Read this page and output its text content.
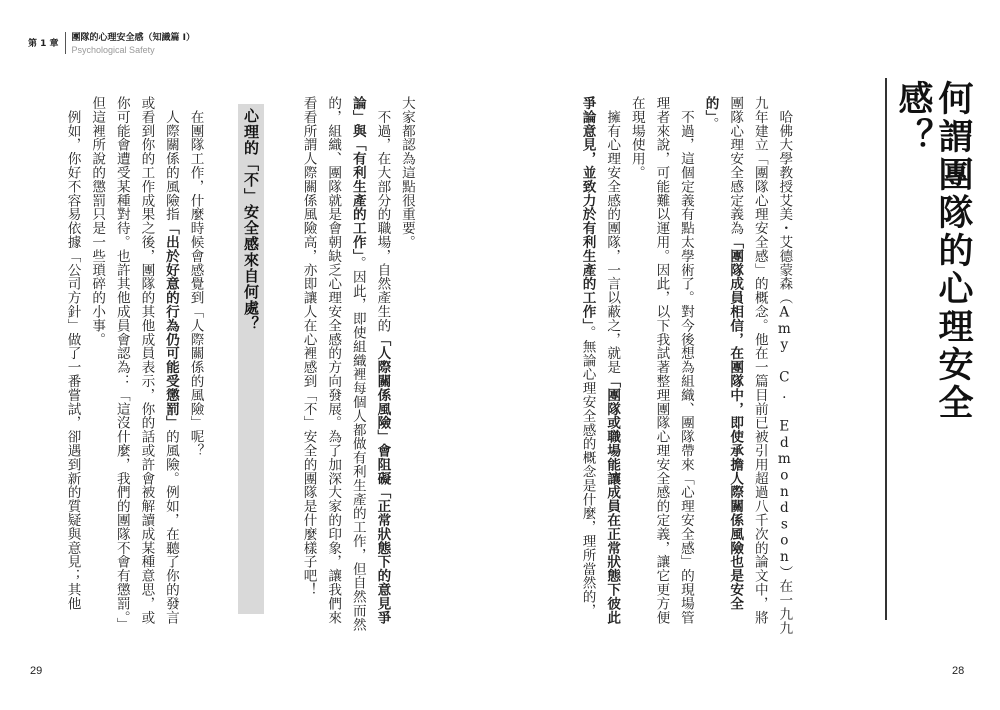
第 1 章
團隊的心理安全感（知識篇 I）
Psychological Safety
何謂團隊的心理安全感？

　哈佛大學教授艾美・艾德蒙森（Amy C. Edmondson）在一九九九年建立「團隊心理安全感」的概念。他在一篇目前已被引用超過八千次的論文中，將團隊心理安全感定義為「團隊成員相信，在團隊中，即使承擔人際關係風險也是安全的」。

　不過，這個定義有點太學術了。對今後想為組織、團隊帶來「心理安全感」的現場管理者來說，可能難以運用。因此，以下我試著整理團隊心理安全感的定義，讓它更方便在現場使用。

　擁有心理安全感的團隊，一言以蔽之，就是「團隊或職場能讓成員在正常狀態下彼此爭論意見，並致力於有利生產的工作」。無論心理安全感的概念是什麼，理所當然的，

大家都認為這點很重要。

　不過，在大部分的職場，自然產生的「人際關係風險」會阻礙「正常狀態下的意見爭論」與「有利生產的工作」。因此，即使組織裡每個人都做有利生產的工作，但自然而然的，組織、團隊就是會朝缺乏心理安全感的方向發展。為了加深大家的印象，讓我們來看看所謂人際關係風險高，亦即讓人在心裡感到「不」安全的團隊是什麼樣子吧！

心理的「不」安全感來自何處？

　在團隊工作，什麼時候會感覺到「人際關係的風險」呢？

　人際關係的風險指「出於好意的行為仍可能受懲罰」的風險。例如，在聽了你的發言或看到你的工作成果之後，團隊的其他成員表示，你的話或許會被解讀成某種意思，或你可能會遭受某種對待。也許其他成員會認為：「這沒什麼，我們的團隊不會有懲罰。」但這裡所說的懲罰只是一些瑣碎的小事。

　例如，你好不容易依據「公司方針」做了一番嘗試，卻遇到新的質疑與意見；其他

29	28
